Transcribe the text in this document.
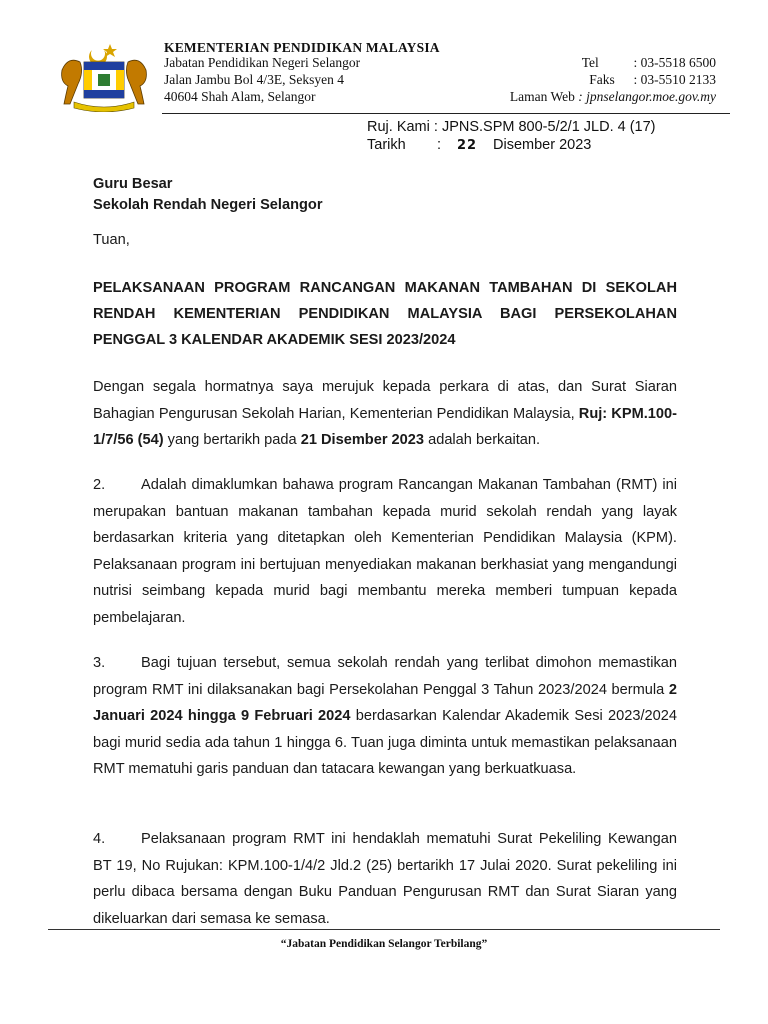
KEMENTERIAN PENDIDIKAN MALAYSIA
Jabatan Pendidikan Negeri Selangor
Jalan Jambu Bol 4/3E, Seksyen 4
40604 Shah Alam, Selangor
Tel	: 03-5518 6500
Faks : 03-5510 2133
Laman Web : jpnselangor.moe.gov.my
Ruj. Kami : JPNS.SPM 800-5/2/1 JLD. 4 (17)
Tarikh : 22 Disember 2023
Guru Besar
Sekolah Rendah Negeri Selangor
Tuan,
PELAKSANAAN PROGRAM RANCANGAN MAKANAN TAMBAHAN DI SEKOLAH RENDAH KEMENTERIAN PENDIDIKAN MALAYSIA BAGI PERSEKOLAHAN PENGGAL 3 KALENDAR AKADEMIK SESI 2023/2024
Dengan segala hormatnya saya merujuk kepada perkara di atas, dan Surat Siaran Bahagian Pengurusan Sekolah Harian, Kementerian Pendidikan Malaysia, Ruj: KPM.100-1/7/56 (54) yang bertarikh pada 21 Disember 2023 adalah berkaitan.
2. Adalah dimaklumkan bahawa program Rancangan Makanan Tambahan (RMT) ini merupakan bantuan makanan tambahan kepada murid sekolah rendah yang layak berdasarkan kriteria yang ditetapkan oleh Kementerian Pendidikan Malaysia (KPM). Pelaksanaan program ini bertujuan menyediakan makanan berkhasiat yang mengandungi nutrisi seimbang kepada murid bagi membantu mereka memberi tumpuan kepada pembelajaran.
3. Bagi tujuan tersebut, semua sekolah rendah yang terlibat dimohon memastikan program RMT ini dilaksanakan bagi Persekolahan Penggal 3 Tahun 2023/2024 bermula 2 Januari 2024 hingga 9 Februari 2024 berdasarkan Kalendar Akademik Sesi 2023/2024 bagi murid sedia ada tahun 1 hingga 6. Tuan juga diminta untuk memastikan pelaksanaan RMT mematuhi garis panduan dan tatacara kewangan yang berkuatkuasa.
4. Pelaksanaan program RMT ini hendaklah mematuhi Surat Pekeliling Kewangan BT 19, No Rujukan: KPM.100-1/4/2 Jld.2 (25) bertarikh 17 Julai 2020. Surat pekeliling ini perlu dibaca bersama dengan Buku Panduan Pengurusan RMT dan Surat Siaran yang dikeluarkan dari semasa ke semasa.
“Jabatan Pendidikan Selangor Terbilang”
